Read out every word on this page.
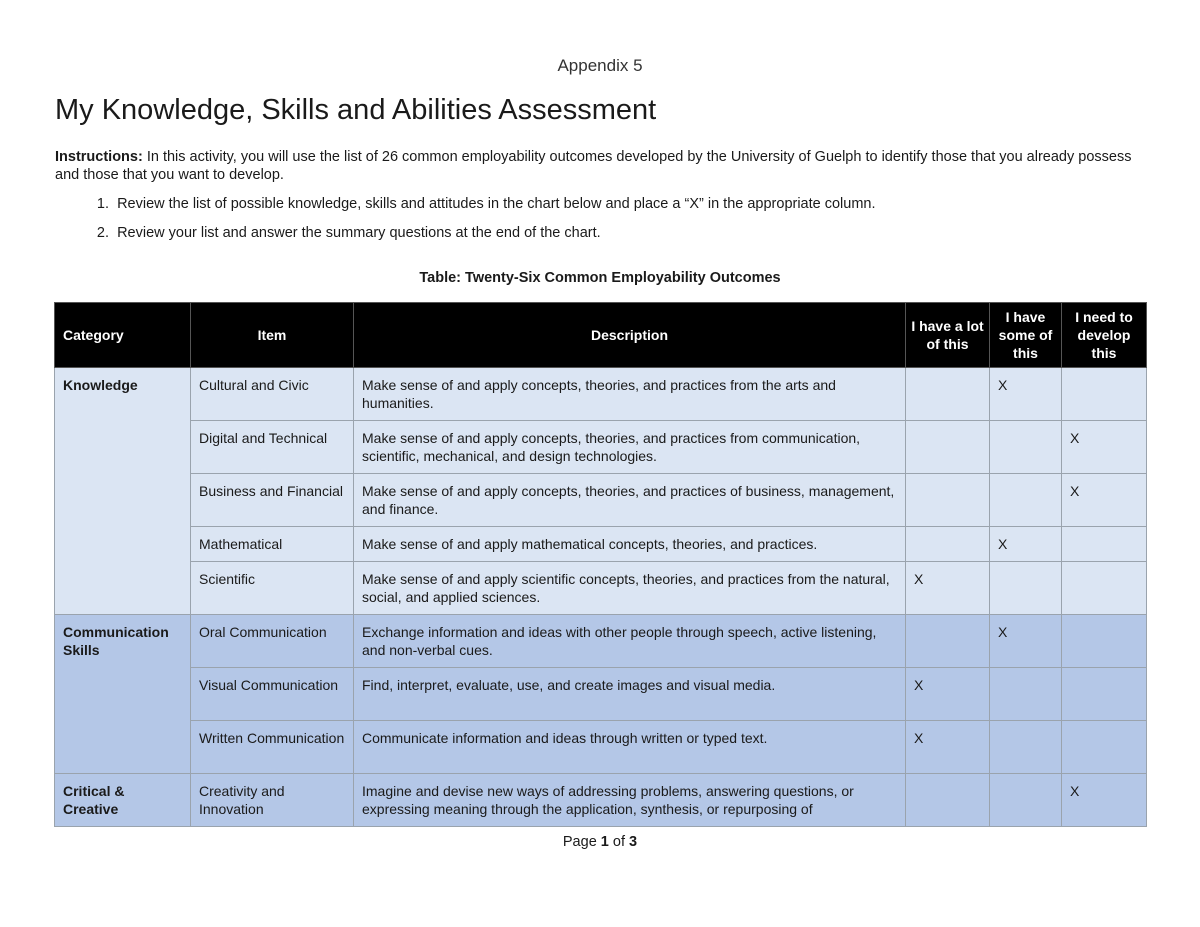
Appendix 5
My Knowledge, Skills and Abilities Assessment

Instructions: In this activity, you will use the list of 26 common employability outcomes developed by the University of Guelph to identify those that you already possess and those that you want to develop.

1. Review the list of possible knowledge, skills and attitudes in the chart below and place a “X” in the appropriate column.
2. Review your list and answer the summary questions at the end of the chart.
Table: Twenty-Six Common Employability Outcomes
Category	Item	Description	I have a lot of this	I have some of this	I need to develop this
Knowledge	Cultural and Civic	Make sense of and apply concepts, theories, and practices from the arts and humanities.		X	
	Digital and Technical	Make sense of and apply concepts, theories, and practices from communication, scientific, mechanical, and design technologies.			X
	Business and Financial	Make sense of and apply concepts, theories, and practices of business, management, and finance.			X
	Mathematical	Make sense of and apply mathematical concepts, theories, and practices.		X	
	Scientific	Make sense of and apply scientific concepts, theories, and practices from the natural, social, and applied sciences.	X		
Communication Skills	Oral Communication	Exchange information and ideas with other people through speech, active listening, and non-verbal cues.		X	
	Visual Communication	Find, interpret, evaluate, use, and create images and visual media.	X		
	Written Communication	Communicate information and ideas through written or typed text.	X		
Critical & Creative	Creativity and Innovation	Imagine and devise new ways of addressing problems, answering questions, or expressing meaning through the application, synthesis, or repurposing of			X
Page 1 of 3
